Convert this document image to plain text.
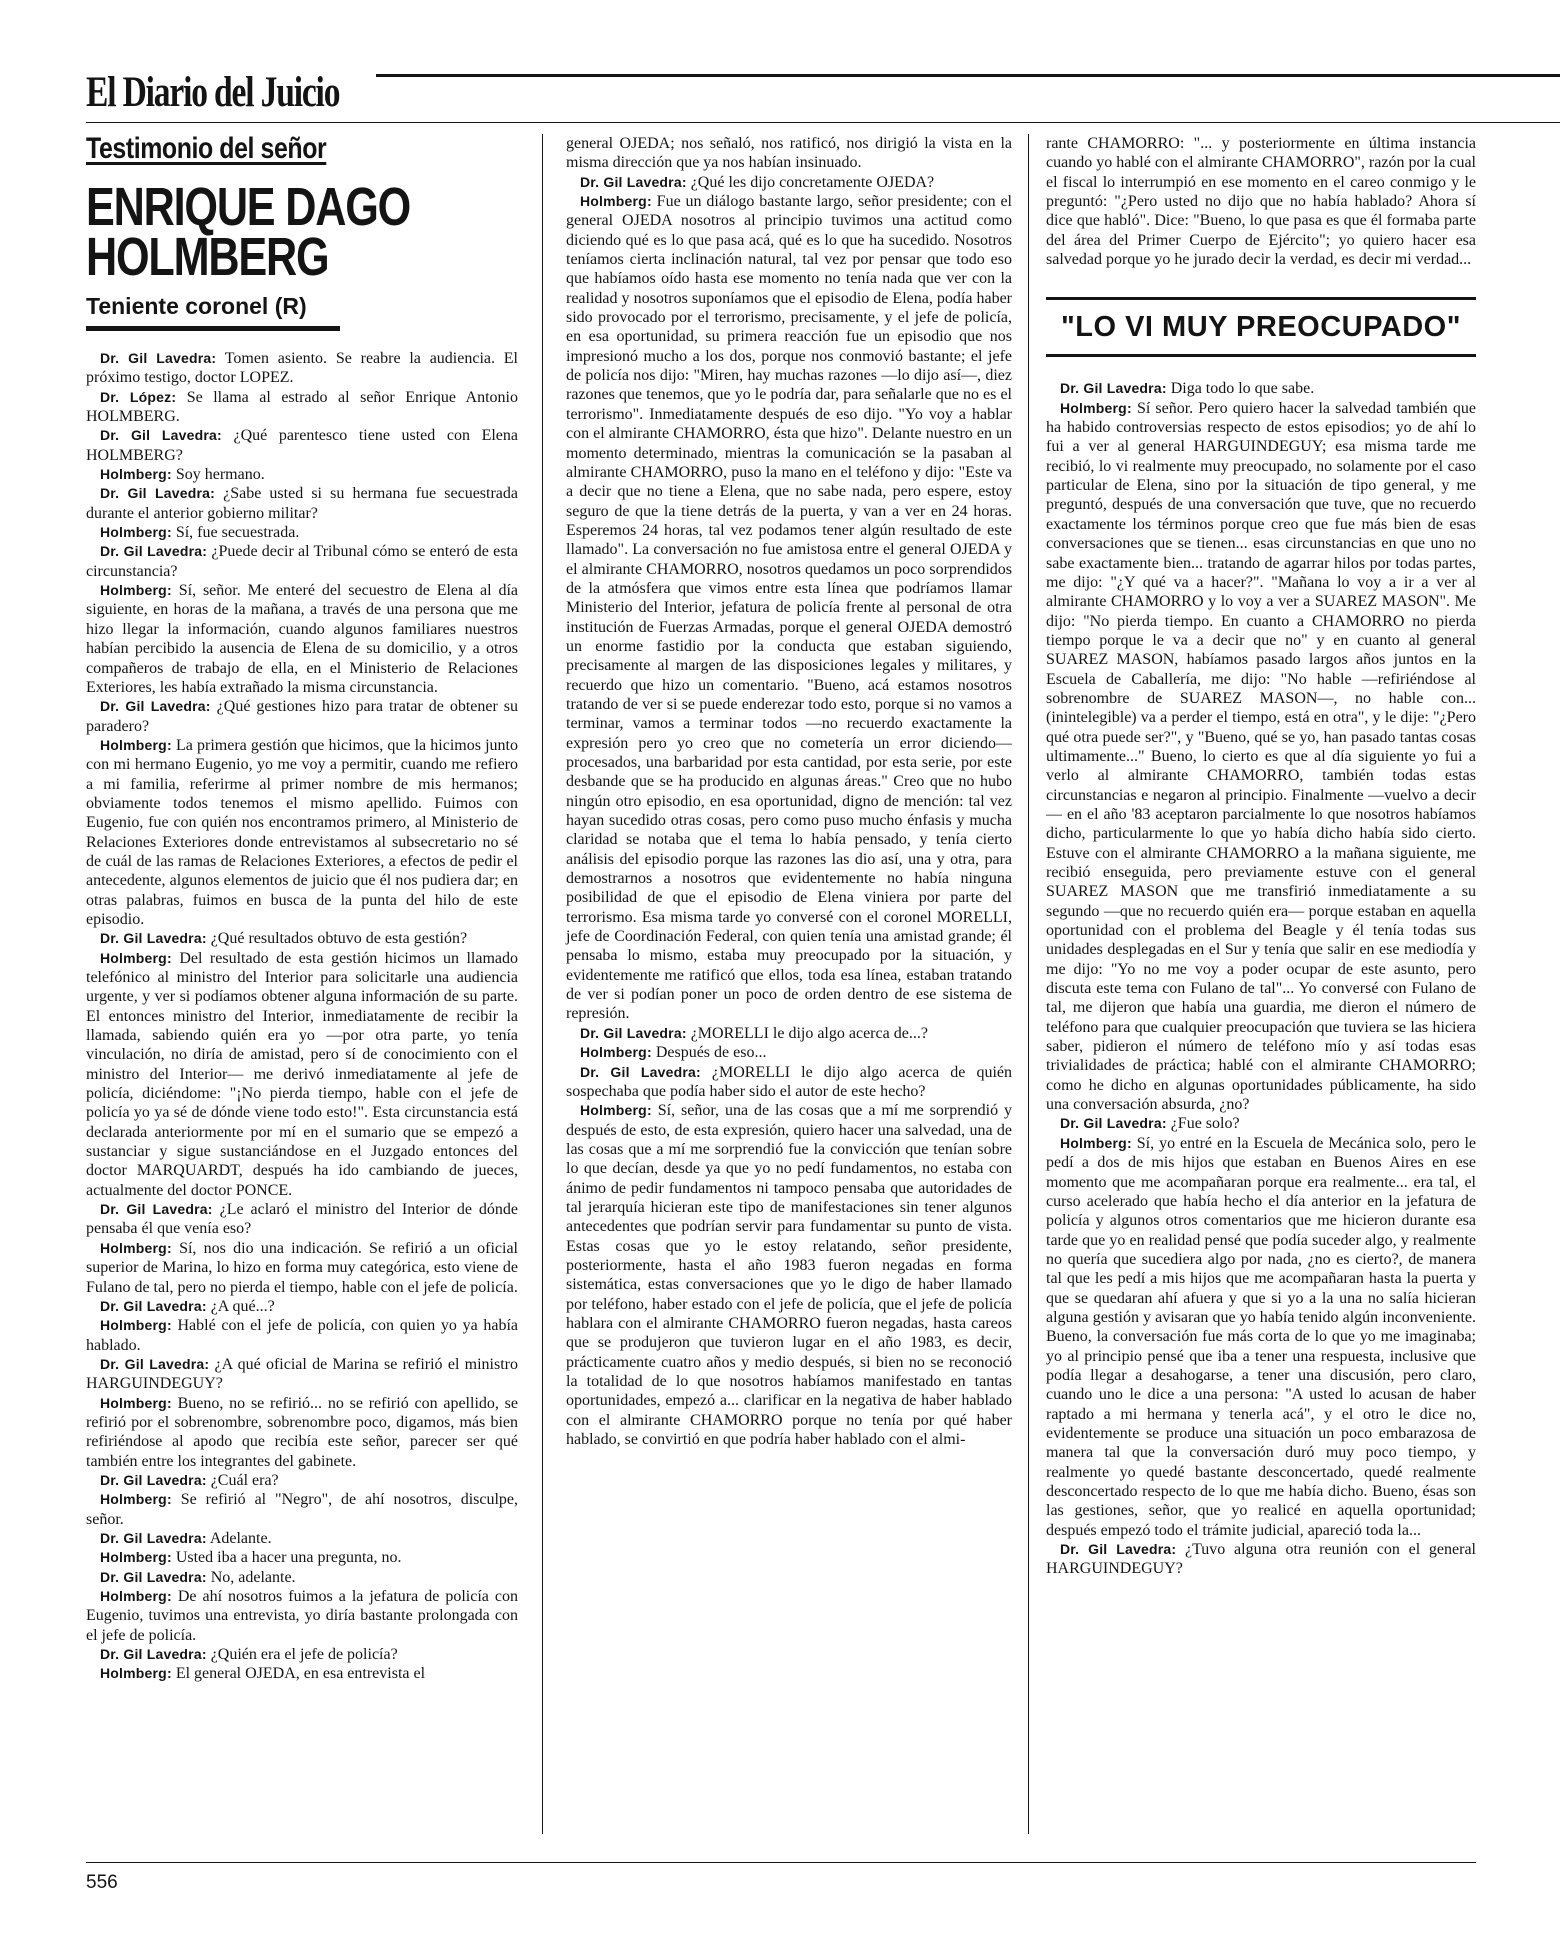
El Diario del Juicio
Testimonio del señor
ENRIQUE DAGO
HOLMBERG
Teniente coronel (R)

Dr. Gil Lavedra: Tomen asiento. Se reabre la audiencia. El próximo testigo, doctor LOPEZ.

Dr. López: Se llama al estrado al señor Enrique Antonio HOLMBERG.

Dr. Gil Lavedra: ¿Qué parentesco tiene usted con Elena HOLMBERG?

Holmberg: Soy hermano.

Dr. Gil Lavedra: ¿Sabe usted si su hermana fue secuestrada durante el anterior gobierno militar?

Holmberg: Sí, fue secuestrada.

Dr. Gil Lavedra: ¿Puede decir al Tribunal cómo se enteró de esta circunstancia?

Holmberg: Sí, señor. Me enteré del secuestro de Elena al día siguiente, en horas de la mañana, a través de una persona que me hizo llegar la información, cuando algunos familiares nuestros habían percibido la ausencia de Elena de su domicilio, y a otros compañeros de trabajo de ella, en el Ministerio de Relaciones Exteriores, les había extrañado la misma circunstancia.

Dr. Gil Lavedra: ¿Qué gestiones hizo para tratar de obtener su paradero?

Holmberg: La primera gestión que hicimos, que la hicimos junto con mi hermano Eugenio, yo me voy a permitir, cuando me refiero a mi familia, referirme al primer nombre de mis hermanos; obviamente todos tenemos el mismo apellido. Fuimos con Eugenio, fue con quién nos encontramos primero, al Ministerio de Relaciones Exteriores donde entrevistamos al subsecretario no sé de cuál de las ramas de Relaciones Exteriores, a efectos de pedir el antecedente, algunos elementos de juicio que él nos pudiera dar; en otras palabras, fuimos en busca de la punta del hilo de este episodio.

Dr. Gil Lavedra: ¿Qué resultados obtuvo de esta gestión?

Holmberg: Del resultado de esta gestión hicimos un llamado telefónico al ministro del Interior para solicitarle una audiencia urgente, y ver si podíamos obtener alguna información de su parte. El entonces ministro del Interior, inmediatamente de recibir la llamada, sabiendo quién era yo —por otra parte, yo tenía vinculación, no diría de amistad, pero sí de conocimiento con el ministro del Interior— me derivó inmediatamente al jefe de policía, diciéndome: "¡No pierda tiempo, hable con el jefe de policía yo ya sé de dónde viene todo esto!". Esta circunstancia está declarada anteriormente por mí en el sumario que se empezó a sustanciar y sigue sustanciándose en el Juzgado entonces del doctor MARQUARDT, después ha ido cambiando de jueces, actualmente del doctor PONCE.

Dr. Gil Lavedra: ¿Le aclaró el ministro del Interior de dónde pensaba él que venía eso?

Holmberg: Sí, nos dio una indicación. Se refirió a un oficial superior de Marina, lo hizo en forma muy categórica, esto viene de Fulano de tal, pero no pierda el tiempo, hable con el jefe de policía.

Dr. Gil Lavedra: ¿A qué...?

Holmberg: Hablé con el jefe de policía, con quien yo ya había hablado.

Dr. Gil Lavedra: ¿A qué oficial de Marina se refirió el ministro HARGUINDEGUY?

Holmberg: Bueno, no se refirió... no se refirió con apellido, se refirió por el sobrenombre, sobrenombre poco, digamos, más bien refiriéndose al apodo que recibía este señor, parecer ser qué también entre los integrantes del gabinete.

Dr. Gil Lavedra: ¿Cuál era?

Holmberg: Se refirió al "Negro", de ahí nosotros, disculpe, señor.

Dr. Gil Lavedra: Adelante.

Holmberg: Usted iba a hacer una pregunta, no.

Dr. Gil Lavedra: No, adelante.

Holmberg: De ahí nosotros fuimos a la jefatura de policía con Eugenio, tuvimos una entrevista, yo diría bastante prolongada con el jefe de policía.

Dr. Gil Lavedra: ¿Quién era el jefe de policía?

Holmberg: El general OJEDA, en esa entrevista el

general OJEDA; nos señaló, nos ratificó, nos dirigió la vista en la misma dirección que ya nos habían insinuado.

Dr. Gil Lavedra: ¿Qué les dijo concretamente OJEDA?

Holmberg: Fue un diálogo bastante largo, señor presidente; con el general OJEDA nosotros al principio tuvimos una actitud como diciendo qué es lo que pasa acá, qué es lo que ha sucedido. Nosotros teníamos cierta inclinación natural, tal vez por pensar que todo eso que habíamos oído hasta ese momento no tenía nada que ver con la realidad y nosotros suponíamos que el episodio de Elena, podía haber sido provocado por el terrorismo, precisamente, y el jefe de policía, en esa oportunidad, su primera reacción fue un episodio que nos impresionó mucho a los dos, porque nos conmovió bastante; el jefe de policía nos dijo: "Miren, hay muchas razones —lo dijo así—, diez razones que tenemos, que yo le podría dar, para señalarle que no es el terrorismo". Inmediatamente después de eso dijo. "Yo voy a hablar con el almirante CHAMORRO, ésta que hizo". Delante nuestro en un momento determinado, mientras la comunicación se la pasaban al almirante CHAMORRO, puso la mano en el teléfono y dijo: "Este va a decir que no tiene a Elena, que no sabe nada, pero espere, estoy seguro de que la tiene detrás de la puerta, y van a ver en 24 horas. Esperemos 24 horas, tal vez podamos tener algún resultado de este llamado". La conversación no fue amistosa entre el general OJEDA y el almirante CHAMORRO, nosotros quedamos un poco sorprendidos de la atmósfera que vimos entre esta línea que podríamos llamar Ministerio del Interior, jefatura de policía frente al personal de otra institución de Fuerzas Armadas, porque el general OJEDA demostró un enorme fastidio por la conducta que estaban siguiendo, precisamente al margen de las disposiciones legales y militares, y recuerdo que hizo un comentario. "Bueno, acá estamos nosotros tratando de ver si se puede enderezar todo esto, porque si no vamos a terminar, vamos a terminar todos —no recuerdo exactamente la expresión pero yo creo que no cometería un error diciendo— procesados, una barbaridad por esta cantidad, por esta serie, por este desbande que se ha producido en algunas áreas." Creo que no hubo ningún otro episodio, en esa oportunidad, digno de mención: tal vez hayan sucedido otras cosas, pero como puso mucho énfasis y mucha claridad se notaba que el tema lo había pensado, y tenía cierto análisis del episodio porque las razones las dio así, una y otra, para demostrarnos a nosotros que evidentemente no había ninguna posibilidad de que el episodio de Elena viniera por parte del terrorismo. Esa misma tarde yo conversé con el coronel MORELLI, jefe de Coordinación Federal, con quien tenía una amistad grande; él pensaba lo mismo, estaba muy preocupado por la situación, y evidentemente me ratificó que ellos, toda esa línea, estaban tratando de ver si podían poner un poco de orden dentro de ese sistema de represión.

Dr. Gil Lavedra: ¿MORELLI le dijo algo acerca de...?

Holmberg: Después de eso...

Dr. Gil Lavedra: ¿MORELLI le dijo algo acerca de quién sospechaba que podía haber sido el autor de este hecho?

Holmberg: Sí, señor, una de las cosas que a mí me sorprendió y después de esto, de esta expresión, quiero hacer una salvedad, una de las cosas que a mí me sorprendió fue la convicción que tenían sobre lo que decían, desde ya que yo no pedí fundamentos, no estaba con ánimo de pedir fundamentos ni tampoco pensaba que autoridades de tal jerarquía hicieran este tipo de manifestaciones sin tener algunos antecedentes que podrían servir para fundamentar su punto de vista. Estas cosas que yo le estoy relatando, señor presidente, posteriormente, hasta el año 1983 fueron negadas en forma sistemática, estas conversaciones que yo le digo de haber llamado por teléfono, haber estado con el jefe de policía, que el jefe de policía hablara con el almirante CHAMORRO fueron negadas, hasta careos que se produjeron que tuvieron lugar en el año 1983, es decir, prácticamente cuatro años y medio después, si bien no se reconoció la totalidad de lo que nosotros habíamos manifestado en tantas oportunidades, empezó a... clarificar en la negativa de haber hablado con el almirante CHAMORRO porque no tenía por qué haber hablado, se convirtió en que podría haber hablado con el almi-

rante CHAMORRO: "... y posteriormente en última instancia cuando yo hablé con el almirante CHAMORRO", razón por la cual el fiscal lo interrumpió en ese momento en el careo conmigo y le preguntó: "¿Pero usted no dijo que no había hablado? Ahora sí dice que habló". Dice: "Bueno, lo que pasa es que él formaba parte del área del Primer Cuerpo de Ejército"; yo quiero hacer esa salvedad porque yo he jurado decir la verdad, es decir mi verdad...

"LO VI MUY PREOCUPADO"

Dr. Gil Lavedra: Diga todo lo que sabe.

Holmberg: Sí señor. Pero quiero hacer la salvedad también que ha habido controversias respecto de estos episodios; yo de ahí lo fui a ver al general HARGUINDEGUY; esa misma tarde me recibió, lo vi realmente muy preocupado, no solamente por el caso particular de Elena, sino por la situación de tipo general, y me preguntó, después de una conversación que tuve, que no recuerdo exactamente los términos porque creo que fue más bien de esas conversaciones que se tienen... esas circunstancias en que uno no sabe exactamente bien... tratando de agarrar hilos por todas partes, me dijo: "¿Y qué va a hacer?". "Mañana lo voy a ir a ver al almirante CHAMORRO y lo voy a ver a SUAREZ MASON". Me dijo: "No pierda tiempo. En cuanto a CHAMORRO no pierda tiempo porque le va a decir que no" y en cuanto al general SUAREZ MASON, habíamos pasado largos años juntos en la Escuela de Caballería, me dijo: "No hable —refiriéndose al sobrenombre de SUAREZ MASON—, no hable con... (inintelegible) va a perder el tiempo, está en otra", y le dije: "¿Pero qué otra puede ser?", y "Bueno, qué se yo, han pasado tantas cosas ultimamente..." Bueno, lo cierto es que al día siguiente yo fui a verlo al almirante CHAMORRO, también todas estas circunstancias e negaron al principio. Finalmente —vuelvo a decir— en el año '83 aceptaron parcialmente lo que nosotros habíamos dicho, particularmente lo que yo había dicho había sido cierto. Estuve con el almirante CHAMORRO a la mañana siguiente, me recibió enseguida, pero previamente estuve con el general SUAREZ MASON que me transfirió inmediatamente a su segundo —que no recuerdo quién era— porque estaban en aquella oportunidad con el problema del Beagle y él tenía todas sus unidades desplegadas en el Sur y tenía que salir en ese mediodía y me dijo: "Yo no me voy a poder ocupar de este asunto, pero discuta este tema con Fulano de tal"... Yo conversé con Fulano de tal, me dijeron que había una guardia, me dieron el número de teléfono para que cualquier preocupación que tuviera se las hiciera saber, pidieron el número de teléfono mío y así todas esas trivialidades de práctica; hablé con el almirante CHAMORRO; como he dicho en algunas oportunidades públicamente, ha sido una conversación absurda, ¿no?

Dr. Gil Lavedra: ¿Fue solo?

Holmberg: Sí, yo entré en la Escuela de Mecánica solo, pero le pedí a dos de mis hijos que estaban en Buenos Aires en ese momento que me acompañaran porque era realmente... era tal, el curso acelerado que había hecho el día anterior en la jefatura de policía y algunos otros comentarios que me hicieron durante esa tarde que yo en realidad pensé que podía suceder algo, y realmente no quería que sucediera algo por nada, ¿no es cierto?, de manera tal que les pedí a mis hijos que me acompañaran hasta la puerta y que se quedaran ahí afuera y que si yo a la una no salía hicieran alguna gestión y avisaran que yo había tenido algún inconveniente. Bueno, la conversación fue más corta de lo que yo me imaginaba; yo al principio pensé que iba a tener una respuesta, inclusive que podía llegar a desahogarse, a tener una discusión, pero claro, cuando uno le dice a una persona: "A usted lo acusan de haber raptado a mi hermana y tenerla acá", y el otro le dice no, evidentemente se produce una situación un poco embarazosa de manera tal que la conversación duró muy poco tiempo, y realmente yo quedé bastante desconcertado, quedé realmente desconcertado respecto de lo que me había dicho. Bueno, ésas son las gestiones, señor, que yo realicé en aquella oportunidad; después empezó todo el trámite judicial, apareció toda la...

Dr. Gil Lavedra: ¿Tuvo alguna otra reunión con el general HARGUINDEGUY?

556
